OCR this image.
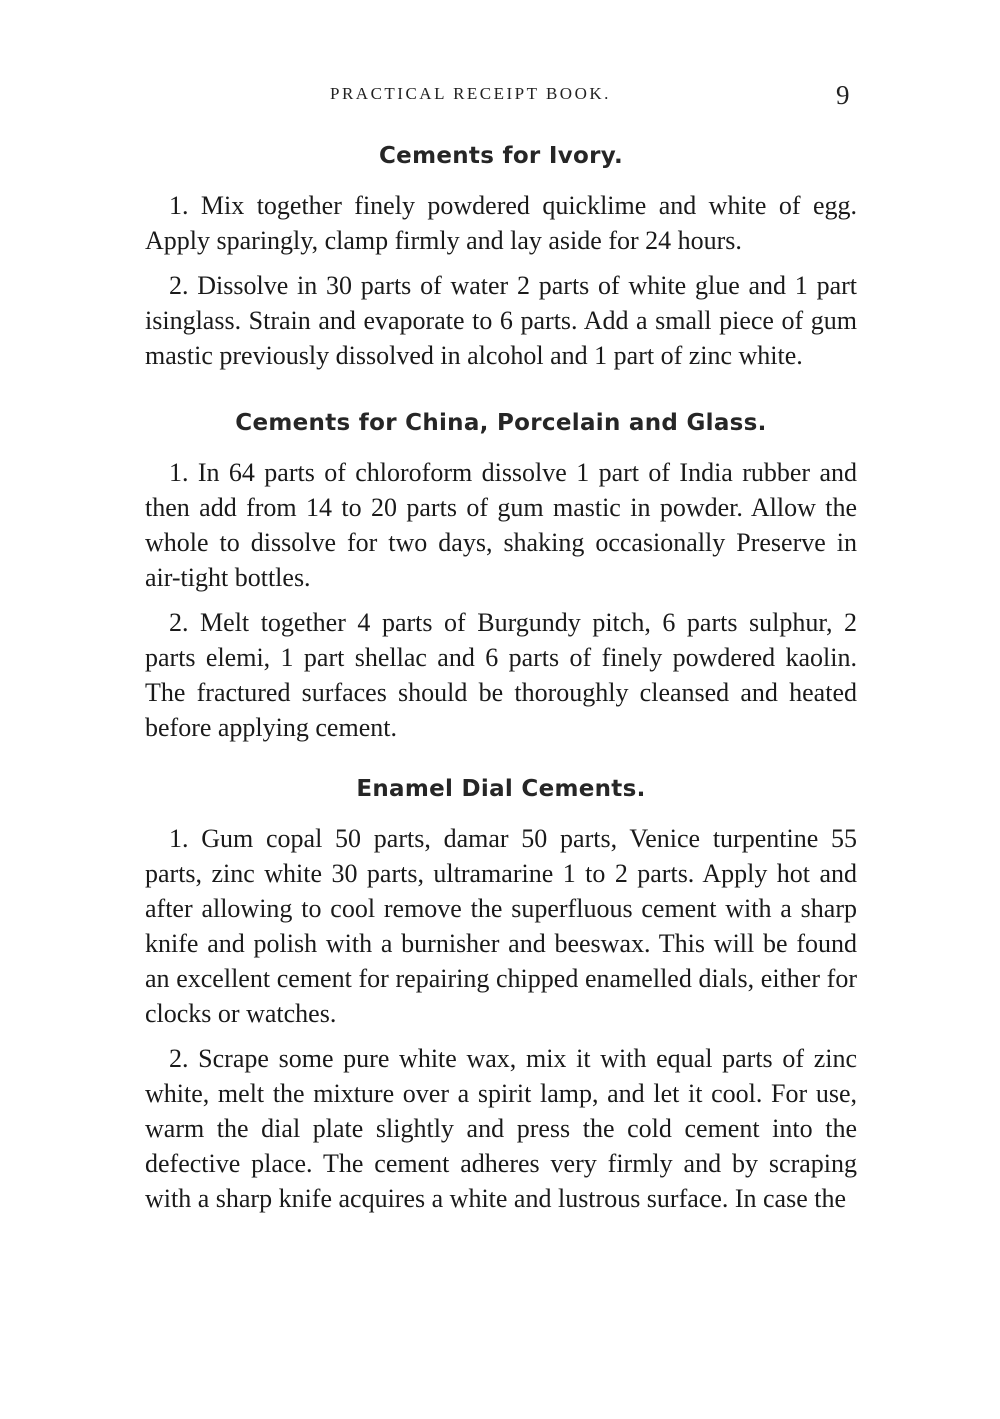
PRACTICAL RECEIPT BOOK.	9
Cements for Ivory.

1. Mix together finely powdered quicklime and white of egg. Apply sparingly, clamp firmly and lay aside for 24 hours.

2. Dissolve in 30 parts of water 2 parts of white glue and 1 part isinglass. Strain and evaporate to 6 parts. Add a small piece of gum mastic previously dissolved in alcohol and 1 part of zinc white.

Cements for China, Porcelain and Glass.

1. In 64 parts of chloroform dissolve 1 part of India rubber and then add from 14 to 20 parts of gum mastic in powder. Allow the whole to dissolve for two days, shaking occasionally Preserve in air-tight bottles.

2. Melt together 4 parts of Burgundy pitch, 6 parts sulphur, 2 parts elemi, 1 part shellac and 6 parts of finely powdered kaolin. The fractured surfaces should be thoroughly cleansed and heated before applying cement.

Enamel Dial Cements.

1. Gum copal 50 parts, damar 50 parts, Venice turpentine 55 parts, zinc white 30 parts, ultramarine 1 to 2 parts. Apply hot and after allowing to cool remove the superfluous cement with a sharp knife and polish with a burnisher and beeswax. This will be found an excellent cement for repairing chipped enamelled dials, either for clocks or watches.

2. Scrape some pure white wax, mix it with equal parts of zinc white, melt the mixture over a spirit lamp, and let it cool. For use, warm the dial plate slightly and press the cold cement into the defective place. The cement adheres very firmly and by scraping with a sharp knife acquires a white and lustrous surface. In case the
